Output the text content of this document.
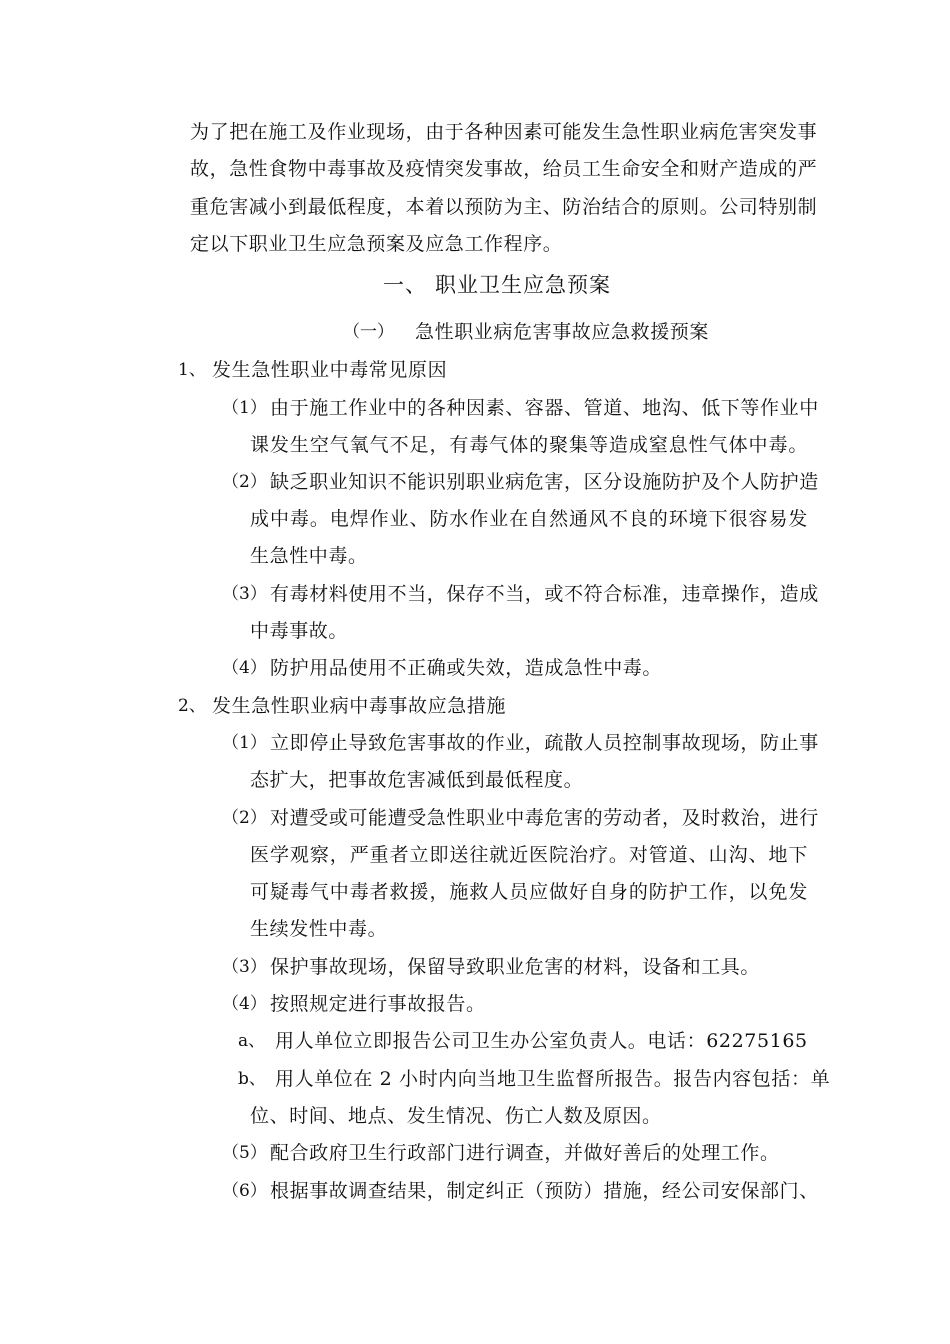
为了把在施工及作业现场，由于各种因素可能发生急性职业病危害突发事
故，急性食物中毒事故及疫情突发事故，给员工生命安全和财产造成的严
重危害减小到最低程度，本着以预防为主、防治结合的原则。公司特别制
定以下职业卫生应急预案及应急工作程序。
一、 职业卫生应急预案
（一） 急性职业病危害事故应急救援预案
1、 发生急性职业中毒常见原因
（1） 由于施工作业中的各种因素、容器、管道、地沟、低下等作业中
课发生空气氧气不足，有毒气体的聚集等造成窒息性气体中毒。
（2） 缺乏职业知识不能识别职业病危害，区分设施防护及个人防护造
成中毒。电焊作业、防水作业在自然通风不良的环境下很容易发
生急性中毒。
（3） 有毒材料使用不当，保存不当，或不符合标准，违章操作，造成
中毒事故。
（4） 防护用品使用不正确或失效，造成急性中毒。
2、 发生急性职业病中毒事故应急措施
（1） 立即停止导致危害事故的作业，疏散人员控制事故现场，防止事
态扩大，把事故危害减低到最低程度。
（2） 对遭受或可能遭受急性职业中毒危害的劳动者，及时救治，进行
医学观察，严重者立即送往就近医院治疗。对管道、山沟、地下
可疑毒气中毒者救援，施救人员应做好自身的防护工作，以免发
生续发性中毒。
（3） 保护事故现场，保留导致职业危害的材料，设备和工具。
（4） 按照规定进行事故报告。
a、 用人单位立即报告公司卫生办公室负责人。电话：62275165
b、 用人单位在 2 小时内向当地卫生监督所报告。报告内容包括：单
位、时间、地点、发生情况、伤亡人数及原因。
（5） 配合政府卫生行政部门进行调查，并做好善后的处理工作。
（6） 根据事故调查结果，制定纠正（预防）措施，经公司安保部门、
